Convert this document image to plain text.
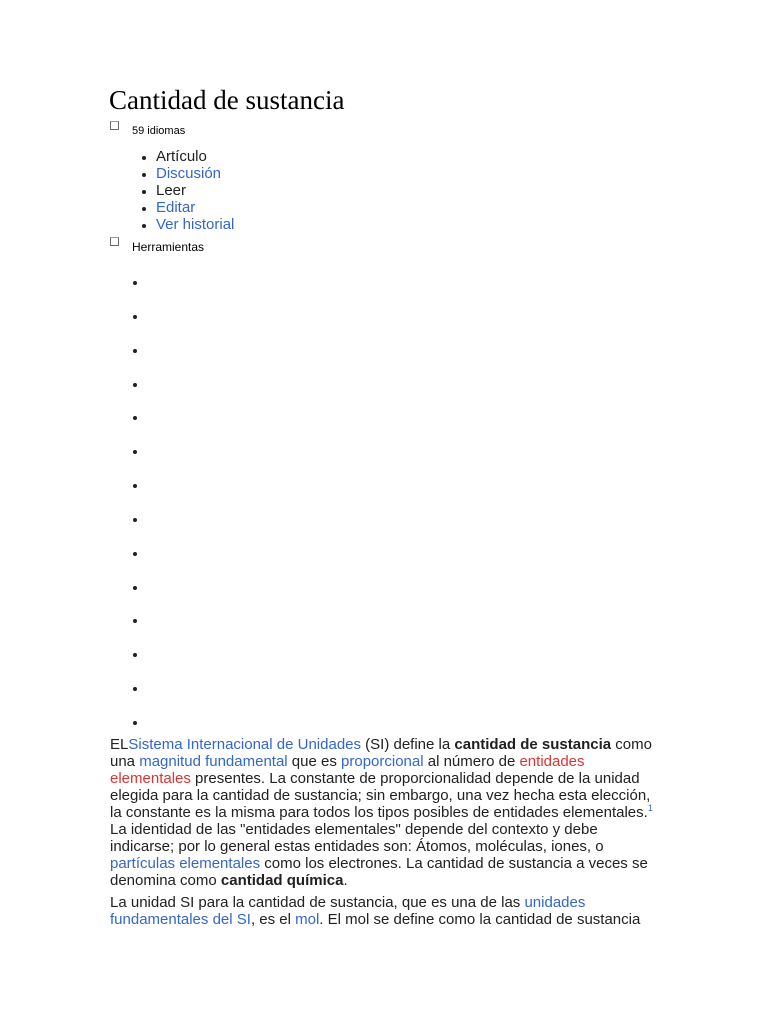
Cantidad de sustancia
59 idiomas
Artículo
Discusión
Leer
Editar
Ver historial
Herramientas

ELSistema Internacional de Unidades (SI) define la cantidad de sustancia como una magnitud fundamental que es proporcional al número de entidades elementales presentes. La constante de proporcionalidad depende de la unidad elegida para la cantidad de sustancia; sin embargo, una vez hecha esta elección, la constante es la misma para todos los tipos posibles de entidades elementales.$^1$ La identidad de las "entidades elementales" depende del contexto y debe indicarse; por lo general estas entidades son: Átomos, moléculas, iones, o partículas elementales como los electrones. La cantidad de sustancia a veces se denomina como cantidad química.

La unidad SI para la cantidad de sustancia, que es una de las unidades fundamentales del SI, es el mol. El mol se define como la cantidad de sustancia
